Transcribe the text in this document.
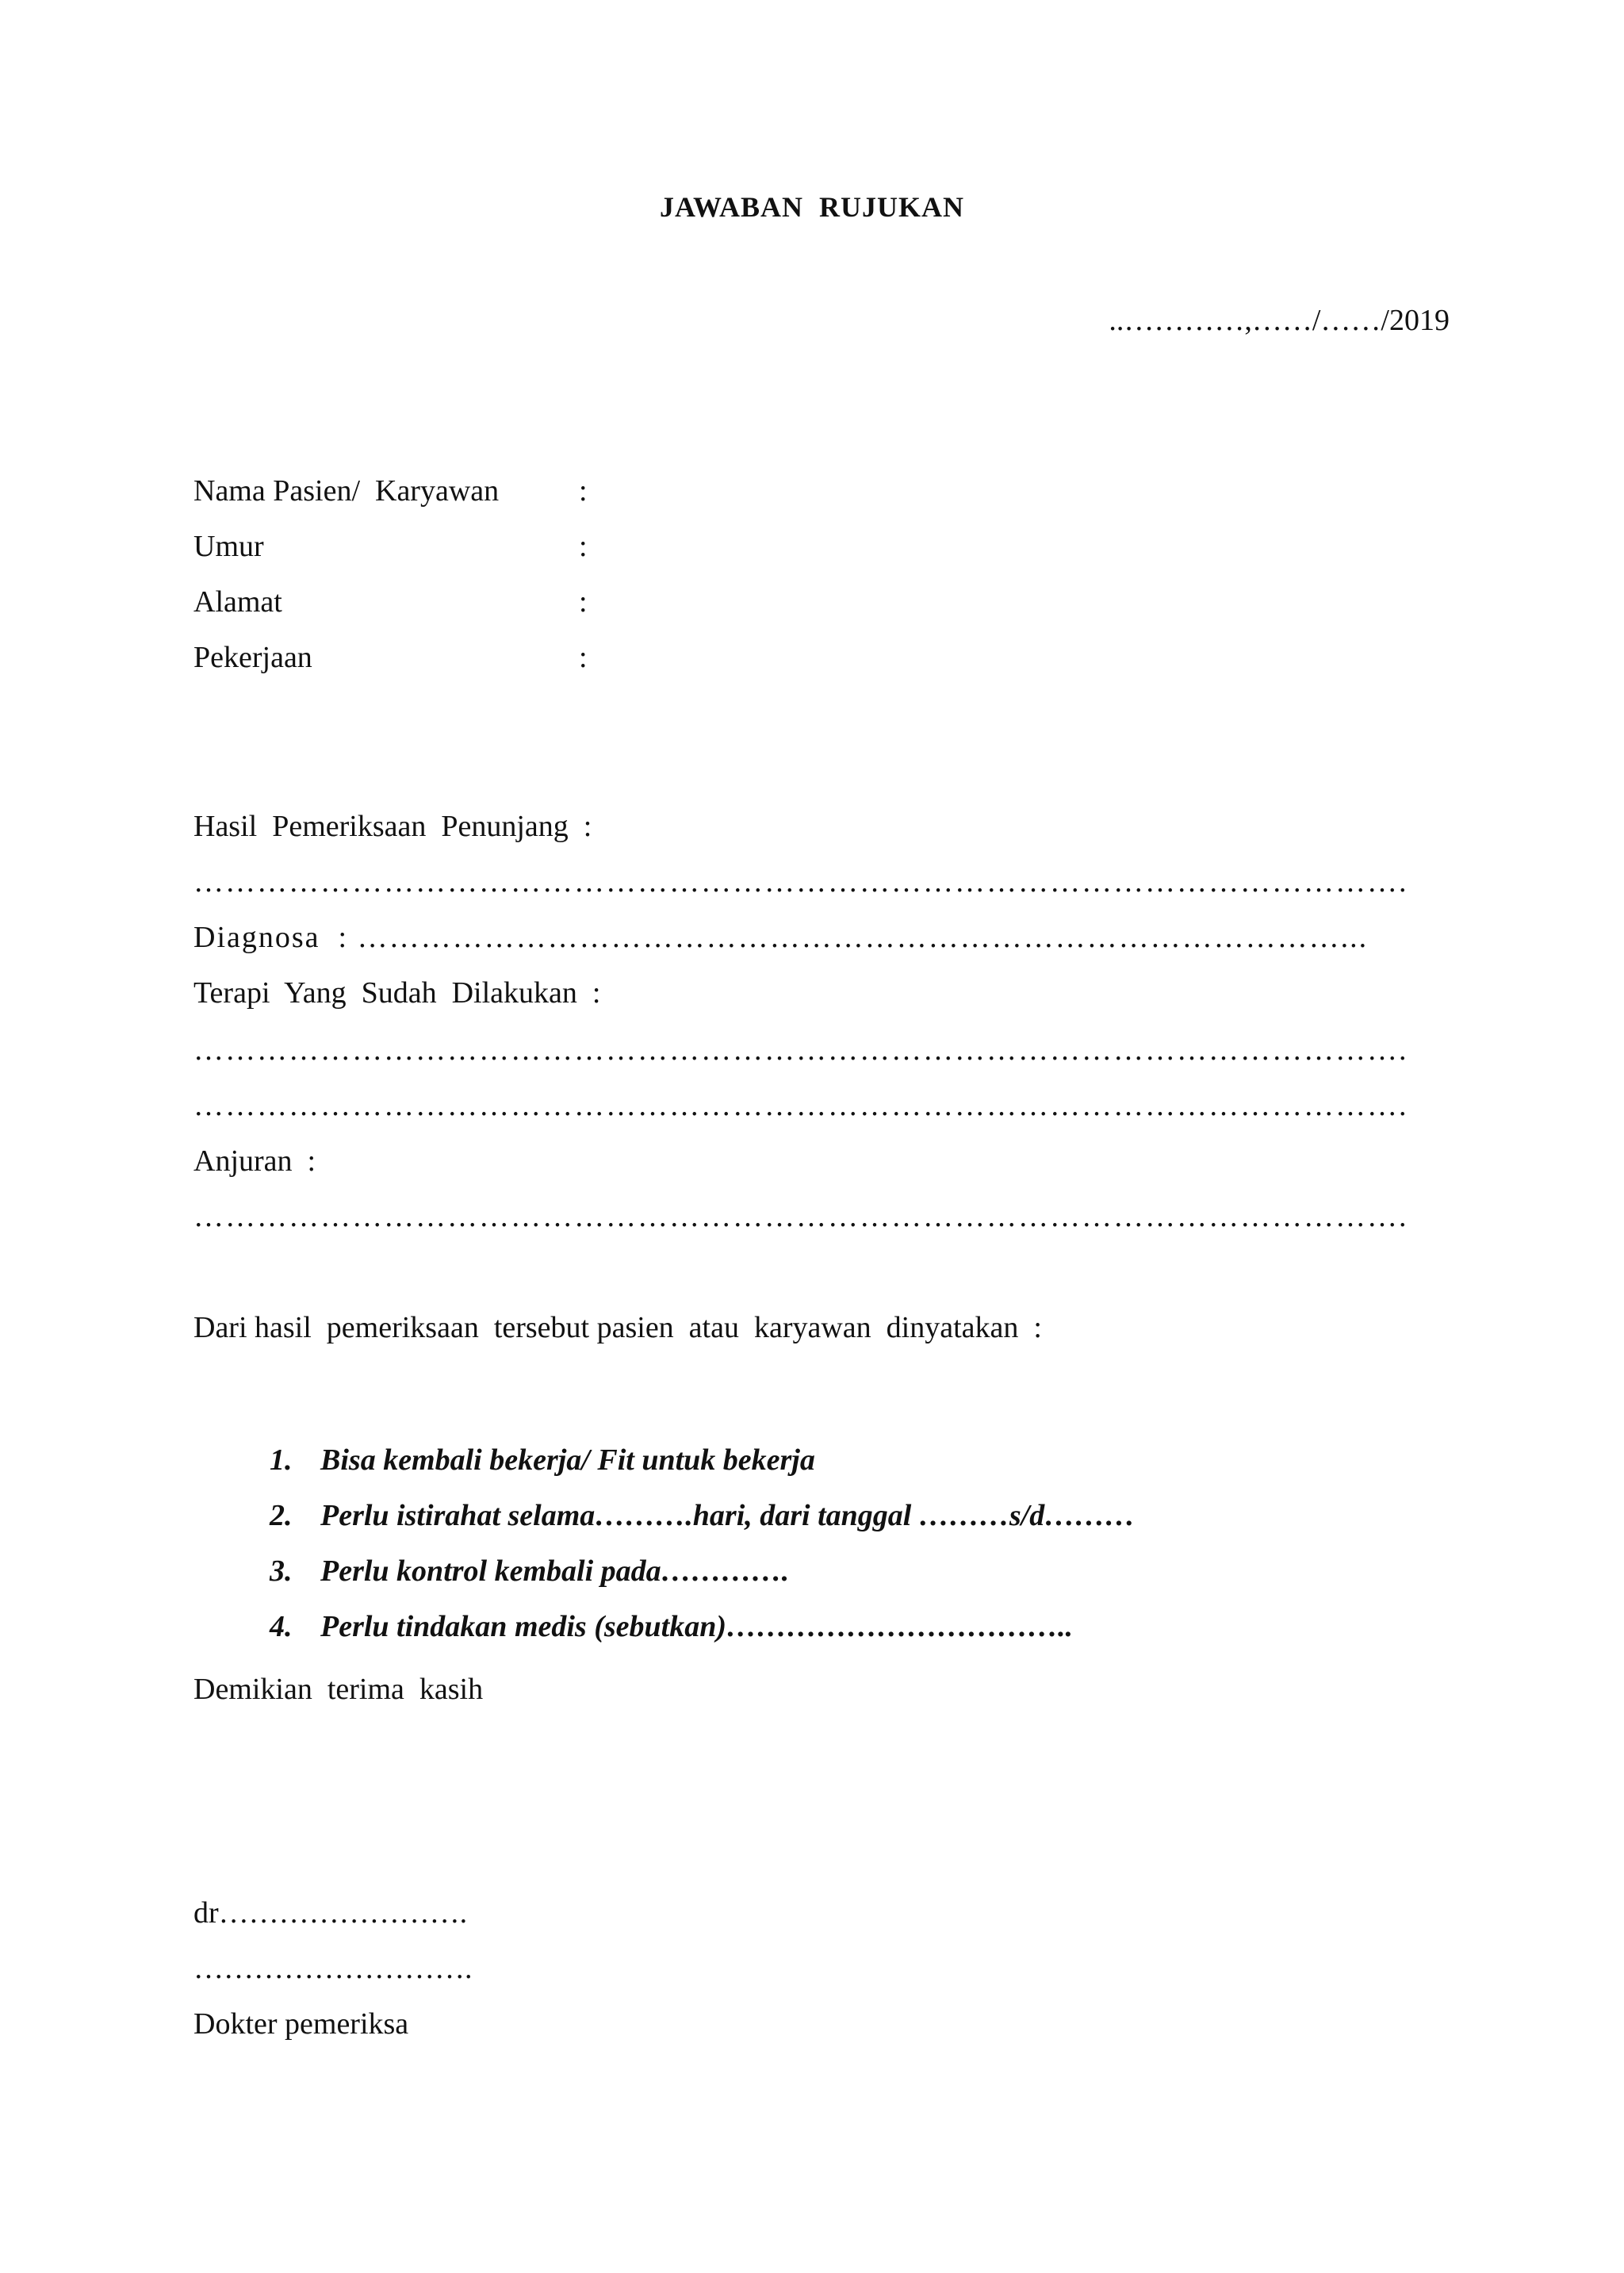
JAWABAN  RUJUKAN
..…………,……/……/2019
Nama Pasien/  Karyawan	:
Umur	:
Alamat	:
Pekerjaan	:
Hasil  Pemeriksaan  Penunjang  :
…………………………………………………………………………………………………….
Diagnosa  : …………………………………………………………………………………...
Terapi  Yang  Sudah  Dilakukan  :
…………………………………………………………………………………………………….
…………………………………………………………………………………………………….
Anjuran  :
…………………………………………………………………………………………………….
Dari hasil  pemeriksaan  tersebut pasien  atau  karyawan  dinyatakan  :

1. Bisa kembali bekerja/ Fit untuk bekerja

2. Perlu istirahat selama……….hari, dari tanggal ………s/d………

3. Perlu kontrol kembali pada………….

4. Perlu tindakan medis (sebutkan)……………………………..

Demikian  terima  kasih
dr…………………….
……………………….
Dokter pemeriksa
